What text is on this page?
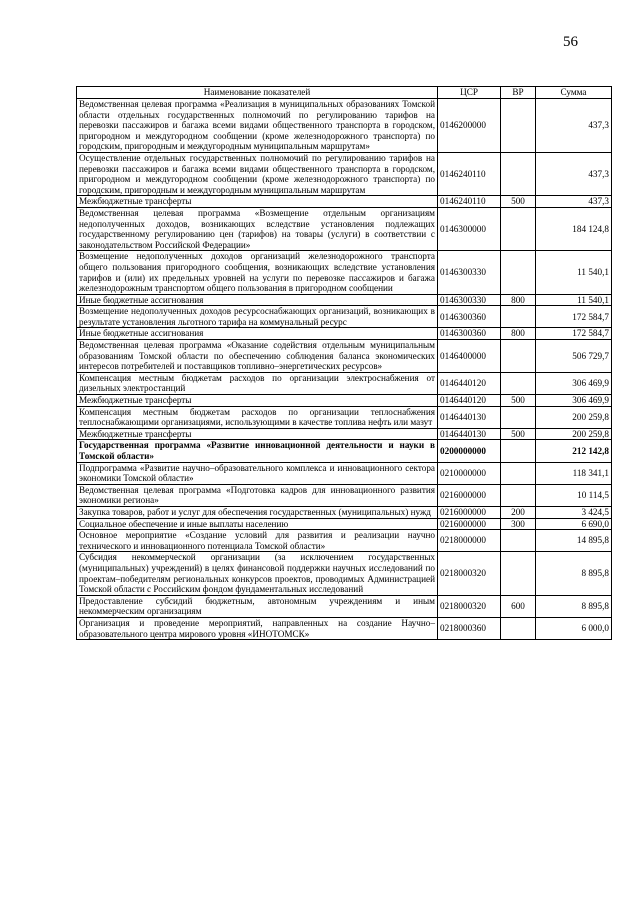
56
Наименование показателей	ЦСР	ВР	Сумма
Ведомственная целевая программа «Реализация в муниципальных образованиях Томской области отдельных государственных полномочий по регулированию тарифов на перевозки пассажиров и багажа всеми видами общественного транспорта в городском, пригородном и междугородном сообщении (кроме железнодорожного транспорта) по городским, пригородным и междугородным муниципальным маршрутам»	0146200000		437,3
Осуществление отдельных государственных полномочий по регулированию тарифов на перевозки пассажиров и багажа всеми видами общественного транспорта в городском, пригородном и междугородном сообщении (кроме железнодорожного транспорта) по городским, пригородным и междугородным муниципальным маршрутам	0146240110		437,3
Межбюджетные трансферты	0146240110	500	437,3
Ведомственная целевая программа «Возмещение отдельным организациям недополученных доходов, возникающих вследствие установления подлежащих государственному регулированию цен (тарифов) на товары (услуги) в соответствии с законодательством Российской Федерации»	0146300000		184 124,8
Возмещение недополученных доходов организаций железнодорожного транспорта общего пользования пригородного сообщения, возникающих вследствие установления тарифов и (или) их предельных уровней на услуги по перевозке пассажиров и багажа железнодорожным транспортом общего пользования в пригородном сообщении	0146300330		11 540,1
Иные бюджетные ассигнования	0146300330	800	11 540,1
Возмещение недополученных доходов ресурсоснабжающих организаций, возникающих в результате установления льготного тарифа на коммунальный ресурс	0146300360		172 584,7
Иные бюджетные ассигнования	0146300360	800	172 584,7
Ведомственная целевая программа «Оказание содействия отдельным муниципальным образованиям Томской области по обеспечению соблюдения баланса экономических интересов потребителей и поставщиков топливно–энергетических ресурсов»	0146400000		506 729,7
Компенсация местным бюджетам расходов по организации электроснабжения от дизельных электростанций	0146440120		306 469,9
Межбюджетные трансферты	0146440120	500	306 469,9
Компенсация местным бюджетам расходов по организации теплоснабжения теплоснабжающими организациями, использующими в качестве топлива нефть или мазут	0146440130		200 259,8
Межбюджетные трансферты	0146440130	500	200 259,8
Государственная программа «Развитие инновационной деятельности и науки в Томской области»	0200000000		212 142,8
Подпрограмма «Развитие научно–образовательного комплекса и инновационного сектора экономики Томской области»	0210000000		118 341,1
Ведомственная целевая программа «Подготовка кадров для инновационного развития экономики региона»	0216000000		10 114,5
Закупка товаров, работ и услуг для обеспечения государственных (муниципальных) нужд	0216000000	200	3 424,5
Социальное обеспечение и иные выплаты населению	0216000000	300	6 690,0
Основное мероприятие «Создание условий для развития и реализации научно технического и инновационного потенциала Томской области»	0218000000		14 895,8
Субсидия некоммерческой организации (за исключением государственных (муниципальных) учреждений) в целях финансовой поддержки научных исследований по проектам–победителям региональных конкурсов проектов, проводимых Администрацией Томской области с Российским фондом фундаментальных исследований	0218000320		8 895,8
Предоставление субсидий бюджетным, автономным учреждениям и иным некоммерческим организациям	0218000320	600	8 895,8
Организация и проведение мероприятий, направленных на создание Научно–образовательного центра мирового уровня «ИНОТОМСК»	0218000360		6 000,0
